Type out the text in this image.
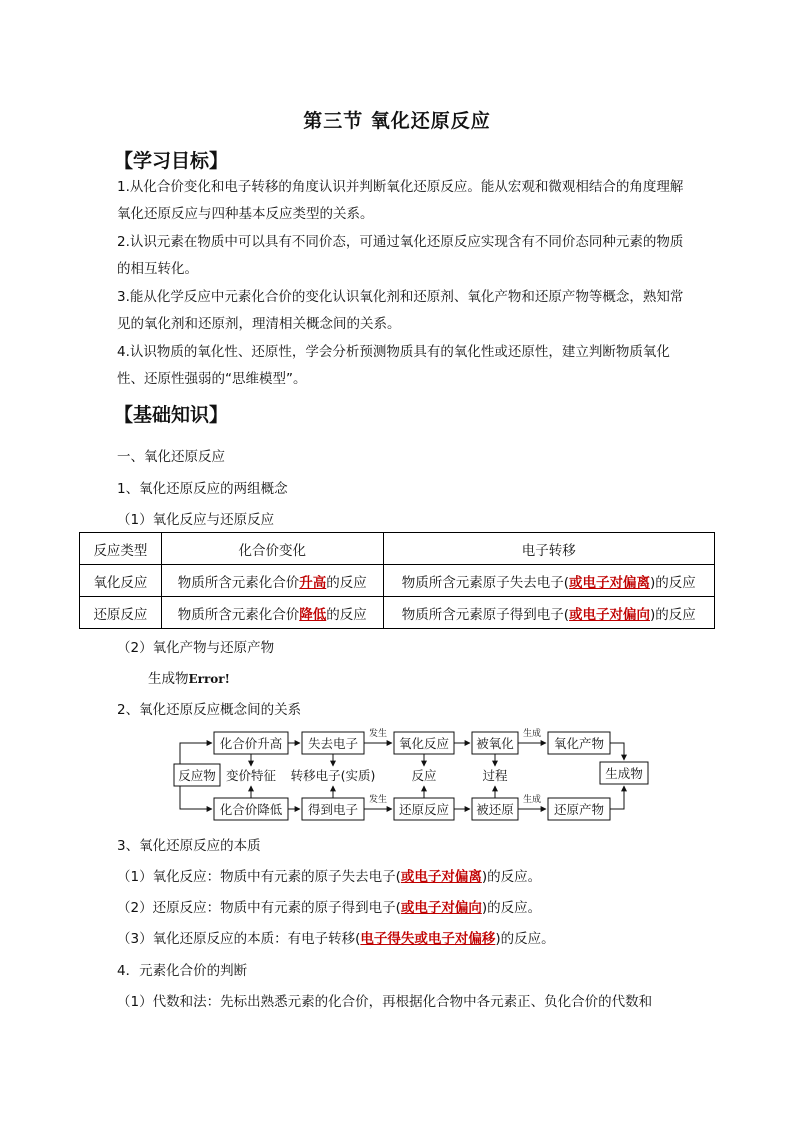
第三节 氧化还原反应
【学习目标】
1.从化合价变化和电子转移的角度认识并判断氧化还原反应。能从宏观和微观相结合的角度理解氧化还原反应与四种基本反应类型的关系。
2.认识元素在物质中可以具有不同价态，可通过氧化还原反应实现含有不同价态同种元素的物质的相互转化。
3.能从化学反应中元素化合价的变化认识氧化剂和还原剂、氧化产物和还原产物等概念，熟知常见的氧化剂和还原剂，理清相关概念间的关系。
4.认识物质的氧化性、还原性，学会分析预测物质具有的氧化性或还原性，建立判断物质氧化性、还原性强弱的“思维模型”。
【基础知识】
一、氧化还原反应
1、氧化还原反应的两组概念
（1）氧化反应与还原反应
反应类型	化合价变化	电子转移
氧化反应	物质所含元素化合价升高的反应	物质所含元素原子失去电子(或电子对偏离)的反应
还原反应	物质所含元素化合价降低的反应	物质所含元素原子得到电子(或电子对偏向)的反应
（2）氧化产物与还原产物
生成物Error!
2、氧化还原反应概念间的关系
反应物
化合价升高 失去电子	氧化反应 被氧化	氧化产物
化合价降低 得到电子	还原反应 被还原	还原产物
生成物
变价特征 转移电子(实质)	反应	过程
发生	生成
发生	生成
3、氧化还原反应的本质
（1）氧化反应：物质中有元素的原子失去电子(或电子对偏离)的反应。
（2）还原反应：物质中有元素的原子得到电子(或电子对偏向)的反应。
（3）氧化还原反应的本质：有电子转移(电子得失或电子对偏移)的反应。
4．元素化合价的判断
（1）代数和法：先标出熟悉元素的化合价，再根据化合物中各元素正、负化合价的代数和
